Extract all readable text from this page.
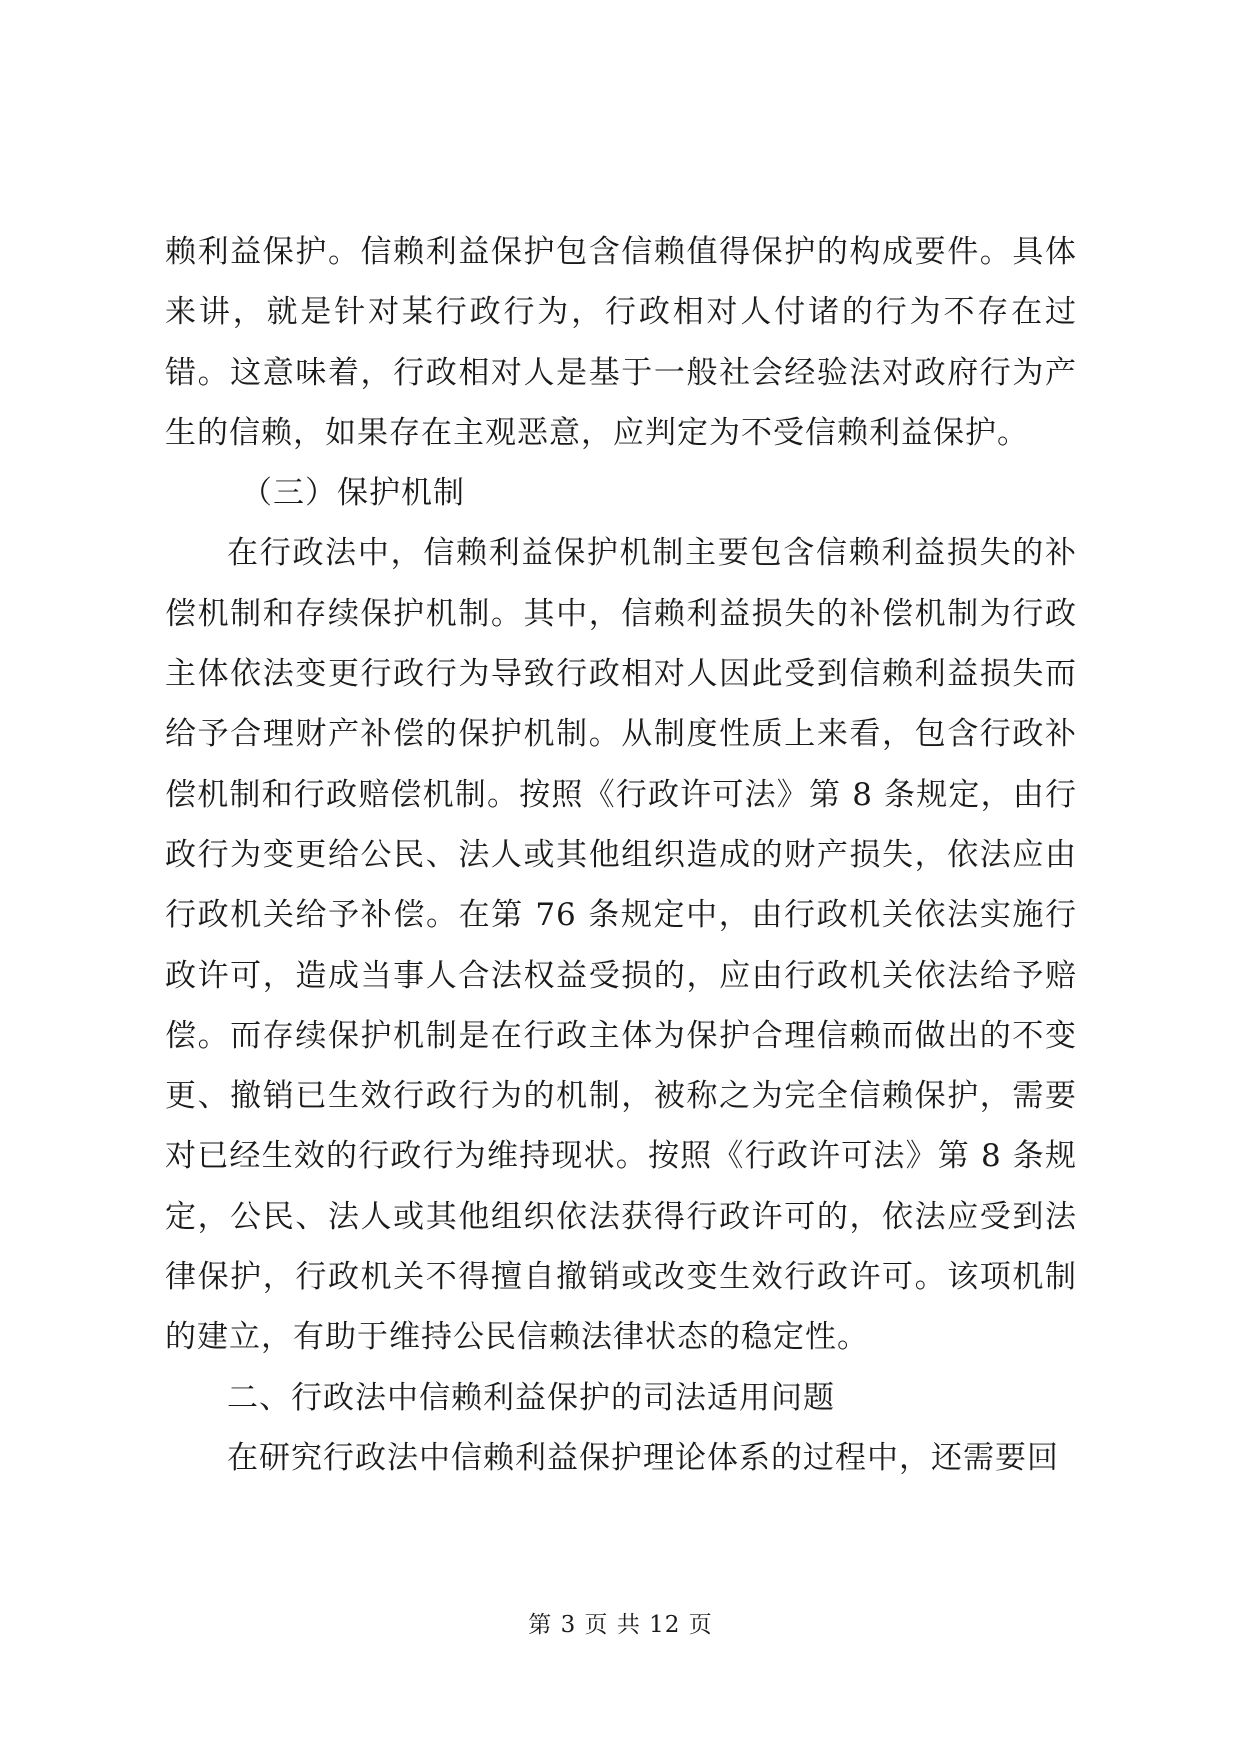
赖利益保护。信赖利益保护包含信赖值得保护的构成要件。具体来讲，就是针对某行政行为，行政相对人付诸的行为不存在过错。这意味着，行政相对人是基于一般社会经验法对政府行为产生的信赖，如果存在主观恶意，应判定为不受信赖利益保护。

（三）保护机制

在行政法中，信赖利益保护机制主要包含信赖利益损失的补偿机制和存续保护机制。其中，信赖利益损失的补偿机制为行政主体依法变更行政行为导致行政相对人因此受到信赖利益损失而给予合理财产补偿的保护机制。从制度性质上来看，包含行政补偿机制和行政赔偿机制。按照《行政许可法》第 8 条规定，由行政行为变更给公民、法人或其他组织造成的财产损失，依法应由行政机关给予补偿。在第 76 条规定中，由行政机关依法实施行政许可，造成当事人合法权益受损的，应由行政机关依法给予赔偿。而存续保护机制是在行政主体为保护合理信赖而做出的不变更、撤销已生效行政行为的机制，被称之为完全信赖保护，需要对已经生效的行政行为维持现状。按照《行政许可法》第 8 条规定，公民、法人或其他组织依法获得行政许可的，依法应受到法律保护，行政机关不得擅自撤销或改变生效行政许可。该项机制的建立，有助于维持公民信赖法律状态的稳定性。

二、行政法中信赖利益保护的司法适用问题

在研究行政法中信赖利益保护理论体系的过程中，还需要回

第 3 页 共 12 页
